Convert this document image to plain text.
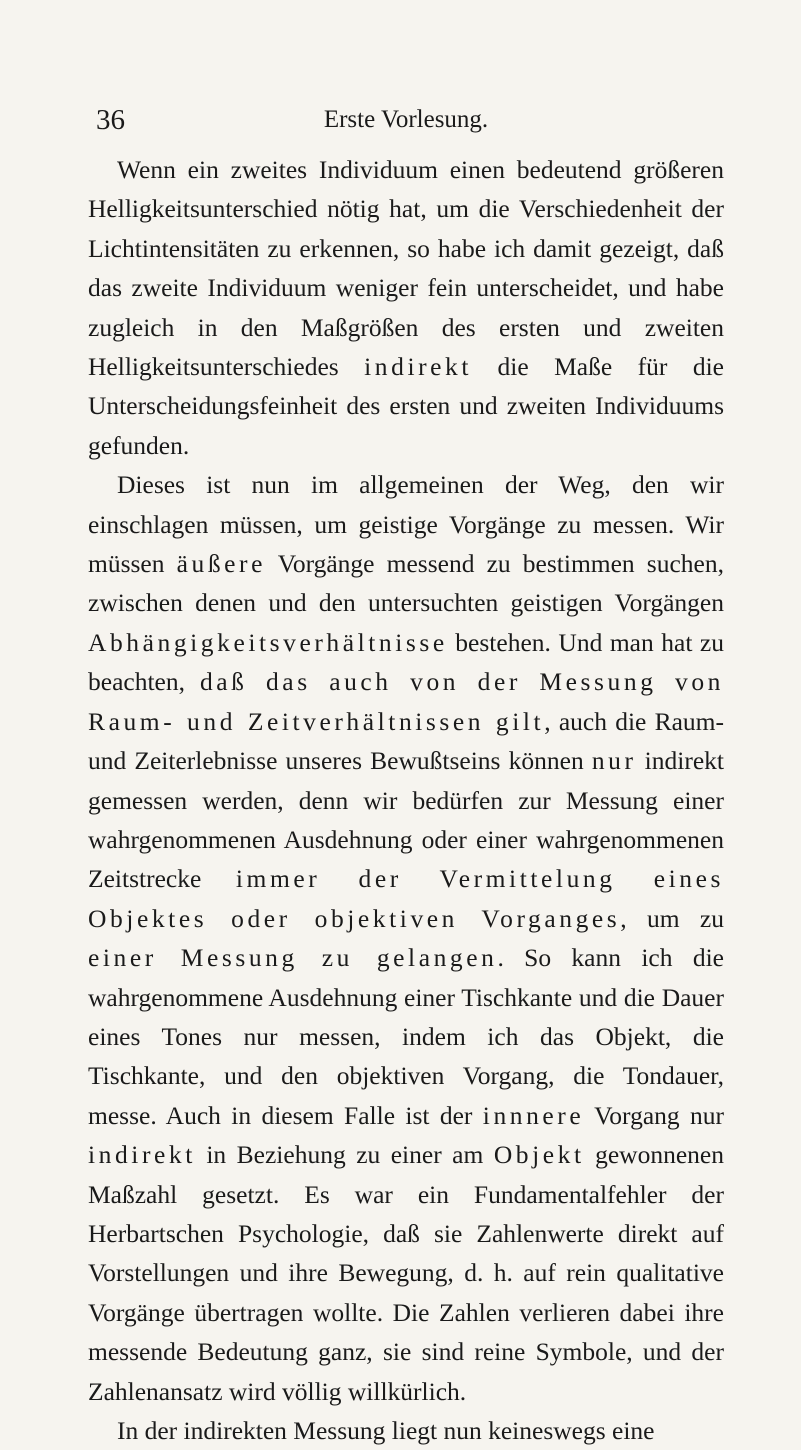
36	Erste Vorlesung.

Wenn ein zweites Individuum einen bedeutend größeren Helligkeitsunterschied nötig hat, um die Verschiedenheit der Lichtintensitäten zu erkennen, so habe ich damit gezeigt, daß das zweite Individuum weniger fein unterscheidet, und habe zugleich in den Maßgrößen des ersten und zweiten Helligkeitsunterschiedes indirekt die Maße für die Unterscheidungsfeinheit des ersten und zweiten Individuums gefunden.

Dieses ist nun im allgemeinen der Weg, den wir einschlagen müssen, um geistige Vorgänge zu messen. Wir müssen äußere Vorgänge messend zu bestimmen suchen, zwischen denen und den untersuchten geistigen Vorgängen Abhängigkeitsverhältnisse bestehen. Und man hat zu beachten, daß das auch von der Messung von Raum- und Zeitverhältnissen gilt, auch die Raum- und Zeiterlebnisse unseres Bewußtseins können nur indirekt gemessen werden, denn wir bedürfen zur Messung einer wahrgenommenen Ausdehnung oder einer wahrgenommenen Zeitstrecke immer der Vermittelung eines Objektes oder objektiven Vorganges, um zu einer Messung zu gelangen. So kann ich die wahrgenommene Ausdehnung einer Tischkante und die Dauer eines Tones nur messen, indem ich das Objekt, die Tischkante, und den objektiven Vorgang, die Tondauer, messe. Auch in diesem Falle ist der innnere Vorgang nur indirekt in Beziehung zu einer am Objekt gewonnenen Maßzahl gesetzt. Es war ein Fundamentalfehler der Herbartschen Psychologie, daß sie Zahlenwerte direkt auf Vorstellungen und ihre Bewegung, d. h. auf rein qualitative Vorgänge übertragen wollte. Die Zahlen verlieren dabei ihre messende Bedeutung ganz, sie sind reine Symbole, und der Zahlenansatz wird völlig willkürlich.

In der indirekten Messung liegt nun keineswegs eine
